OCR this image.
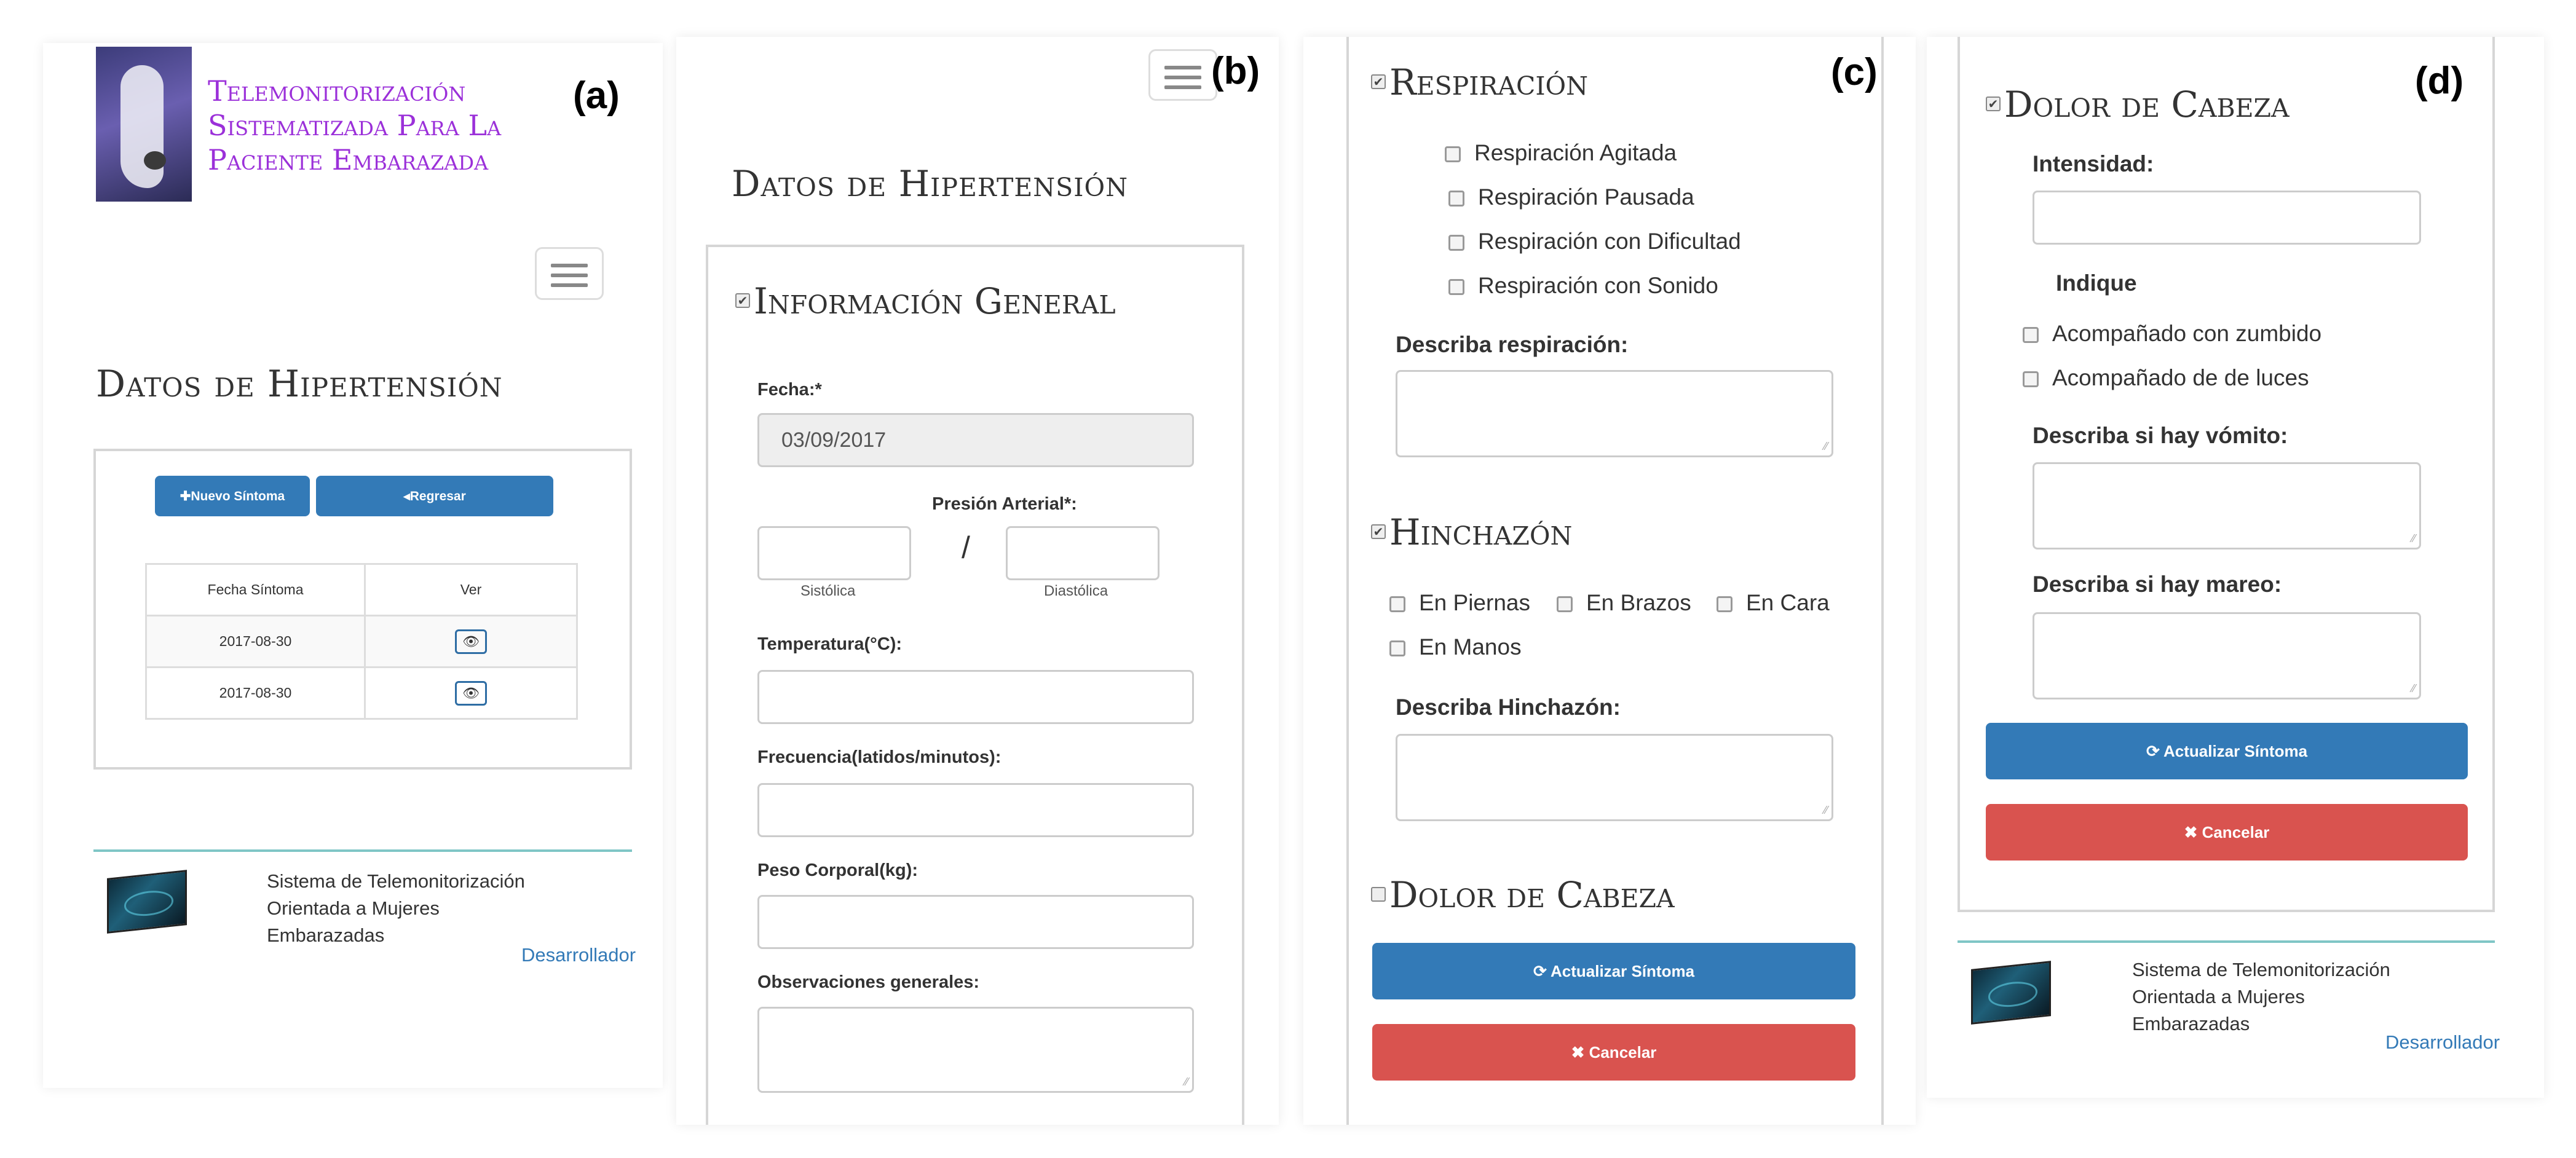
Telemonitorización
Sistematizada Para La
Paciente Embarazada
(a)
Datos de Hipertensión
✚Nuevo Síntoma	◂Regresar
Fecha Síntoma	Ver
2017-08-30	👁
2017-08-30	👁
Sistema de Telemonitorización
Orientada a Mujeres
Embarazadas
Desarrollador
(b)
Datos de Hipertensión
✔ Información General
Fecha:*
03/09/2017
Presión Arterial*:
/
Sistólica	Diastólica
Temperatura(°C):
Frecuencia(latidos/minutos):
Peso Corporal(kg):
Observaciones generales:
⁄⁄
(c)
✔ Respiración
Respiración Agitada
Respiración Pausada
Respiración con Dificultad
Respiración con Sonido
Describa respiración:
⁄⁄
✔ Hinchazón
En Piernas	En Brazos	En Cara
En Manos
Describa Hinchazón:
⁄⁄
Dolor de Cabeza
⟳ Actualizar Síntoma
✖ Cancelar
(d)
✔ Dolor de Cabeza
Intensidad:
Indique
Acompañado con zumbido
Acompañado de de luces
Describa si hay vómito:
⁄⁄
Describa si hay mareo:
⁄⁄
⟳ Actualizar Síntoma
✖ Cancelar
Sistema de Telemonitorización
Orientada a Mujeres
Embarazadas
Desarrollador
